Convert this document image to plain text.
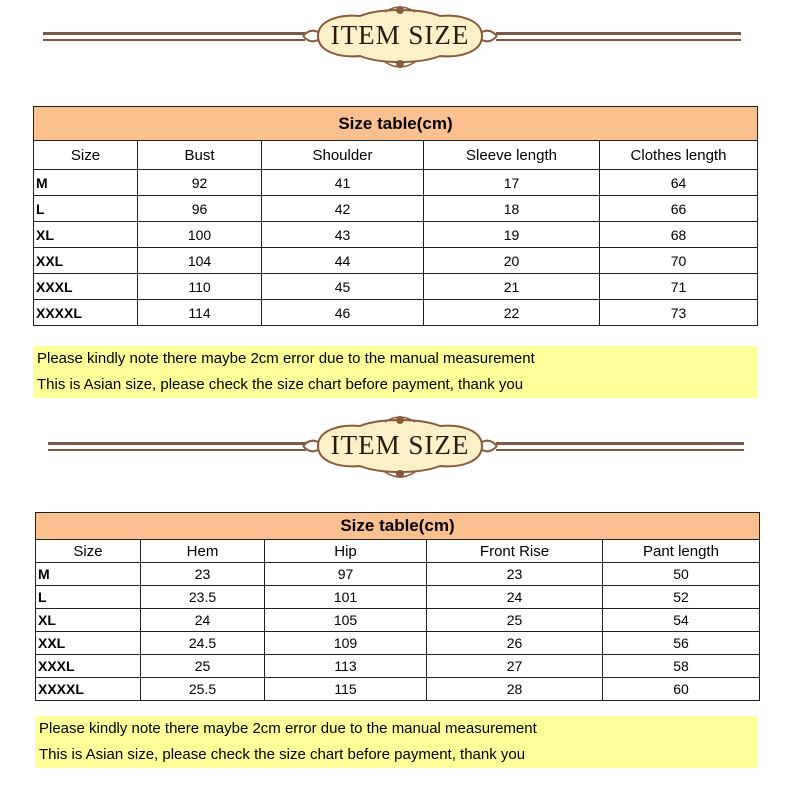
ITEM SIZE
Size table(cm)				
Size	Bust	Shoulder	Sleeve length	Clothes length
M	92	41	17	64
L	96	42	18	66
XL	100	43	19	68
XXL	104	44	20	70
XXXL	110	45	21	71
XXXXL	114	46	22	73
Please kindly note there maybe 2cm error due to the manual measurement
This is Asian size, please check the size chart before payment, thank you
ITEM SIZE
Size table(cm)				
Size	Hem	Hip	Front Rise	Pant length
M	23	97	23	50
L	23.5	101	24	52
XL	24	105	25	54
XXL	24.5	109	26	56
XXXL	25	113	27	58
XXXXL	25.5	115	28	60
Please kindly note there maybe 2cm error due to the manual measurement
This is Asian size, please check the size chart before payment, thank you
